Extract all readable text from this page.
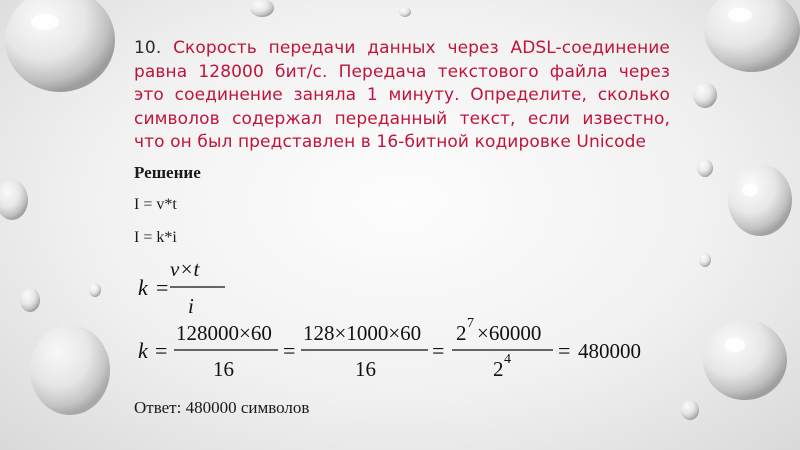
10. Скорость передачи данных через ADSL-соединение равна 128000 бит/с. Передача текстового файла через это соединение заняла 1 минуту. Определите, сколько символов содержал переданный текст, если известно, что он был представлен в 16-битной кодировке Unicode
Решение
I = v*t
I = k*i
k =
v×t
i
k =
128000×60
16
=
128×1000×60
16
=
2 7 ×60000
2 4 = 480000
Ответ: 480000 символов
